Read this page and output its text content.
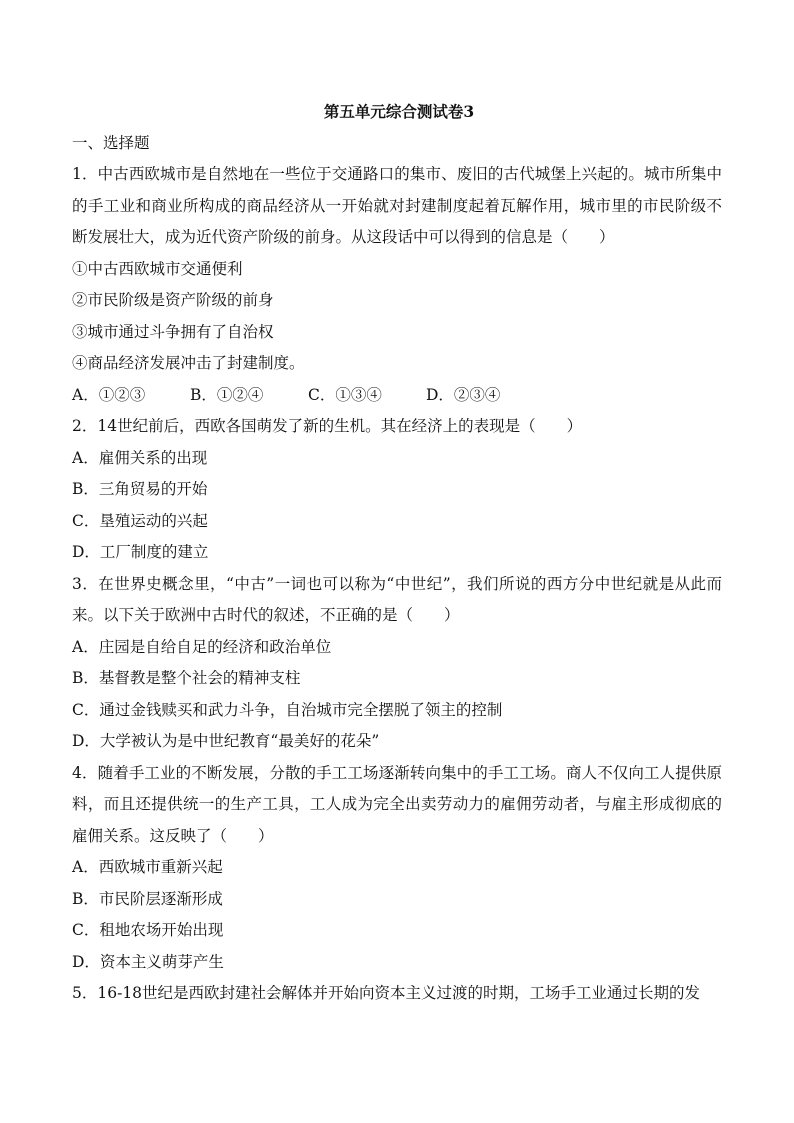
第五单元综合测试卷3

一、选择题

1．中古西欧城市是自然地在一些位于交通路口的集市、废旧的古代城堡上兴起的。城市所集中的手工业和商业所构成的商品经济从一开始就对封建制度起着瓦解作用，城市里的市民阶级不断发展壮大，成为近代资产阶级的前身。从这段话中可以得到的信息是（　　）

①中古西欧城市交通便利

②市民阶级是资产阶级的前身

③城市通过斗争拥有了自治权

④商品经济发展冲击了封建制度。

A．①②③	B．①②④	C．①③④	D．②③④

2．14世纪前后，西欧各国萌发了新的生机。其在经济上的表现是（　　）

A．雇佣关系的出现

B．三角贸易的开始

C．垦殖运动的兴起

D．工厂制度的建立

3．在世界史概念里，“中古”一词也可以称为“中世纪”，我们所说的西方分中世纪就是从此而来。以下关于欧洲中古时代的叙述，不正确的是（　　）

A．庄园是自给自足的经济和政治单位

B．基督教是整个社会的精神支柱

C．通过金钱赎买和武力斗争，自治城市完全摆脱了领主的控制

D．大学被认为是中世纪教育“最美好的花朵”

4．随着手工业的不断发展，分散的手工工场逐渐转向集中的手工工场。商人不仅向工人提供原料，而且还提供统一的生产工具，工人成为完全出卖劳动力的雇佣劳动者，与雇主形成彻底的雇佣关系。这反映了（　　）

A．西欧城市重新兴起

B．市民阶层逐渐形成

C．租地农场开始出现

D．资本主义萌芽产生

5．16-18世纪是西欧封建社会解体并开始向资本主义过渡的时期，工场手工业通过长期的发
